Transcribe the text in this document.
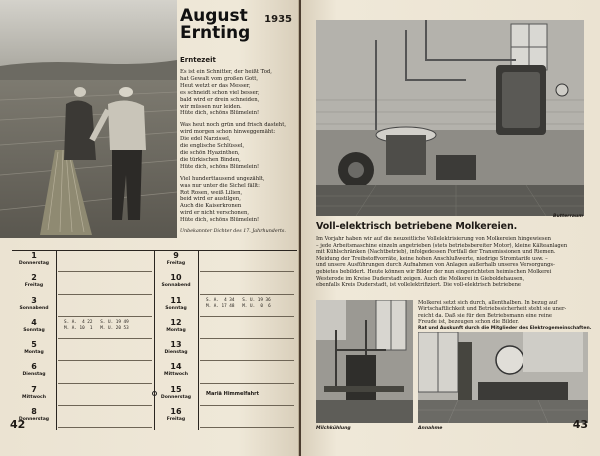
August
Ernting
1935
Erntezeit
Es ist ein Schnitter, der heißt Tod,
hat Gewalt vom großen Gott,
Heut wetzt er das Messer,
es schneidt schon viel besser,
bald wird er drein schneiden,
wir müssen nur leiden.
Hüte dich, schöns Blümelein!
Was heut noch grün und frisch dasteht,
wird morgen schon hinweggemäht:
Die edel Narzissel,
die englische Schlüssel,
die schön Hyazinthen,
die türkischen Binden,
Hüte dich, schöns Blümelein!
Viel hunderttausend ungezählt,
was nur unter die Sichel fällt:
Rot Rosen, weiß Lilien,
beid wird er austilgen,
Auch die Kaiserkronen
wird er nicht verschonen,
Hüte dich, schöns Blümelein!
Unbekannter Dichter des 17. Jahrhunderts.
1
Donnerstag
2
Freitag
3
Sonnabend
4
Sonntag
S. A.  4 22   S. U. 19 49
M. A. 10  1   M. U. 20 53
5
Montag
6
Dienstag
7
Mittwoch
8
Donnerstag
9
Freitag
10
Sonnabend
11
Sonntag
S. A.  4 34   S. U. 19 36
M. A. 17 48   M. U.  0  6
12
Montag
13
Dienstag
14
Mittwoch
15
Donnerstag
Mariä Himmelfahrt
16
Freitag
42
Butterraum
Voll-elektrisch betriebene Molkereien.
Im Vorjahr haben wir auf die neuzeitliche Vollelektrisierung von Molkereien hingewiesen
– jede Arbeitsmaschine einzeln angetrieben (stets betriebsbereiter Motor), kleine Kälteanlagen
mit Kühlschränken (Nachtbetrieb), infolgedessen Fortfall der Transmissionen und Riemen.
Meidung der Treibstoffvorräte, keine hohen Anschlußwerte, niedrige Stromtarife usw. –
und unsere Ausführungen durch Aufnahmen von Anlagen außerhalb unseres Versorgungs-
gebietes bebildert. Heute können wir Bilder der nun eingerichteten heimischen Molkerei
Westerode im Kreise Duderstadt zeigen. Auch die Molkerei in Gieboldehausen,
ebenfalls Kreis Duderstadt, ist vollelektrifiziert. Die voll-elektrisch betriebene
Molkerei setzt sich durch, allenthalben. In bezug auf
Wirtschaftlichkeit und Betriebssicherheit steht sie uner-
reicht da. Daß sie für den Betriebsmann eine reine
Freude ist, bezeugen schon die Bilder.
Rat und Auskunft durch die Mitglieder des Elektrogemeinschaften.
Milchkühlung	Annahme	43
